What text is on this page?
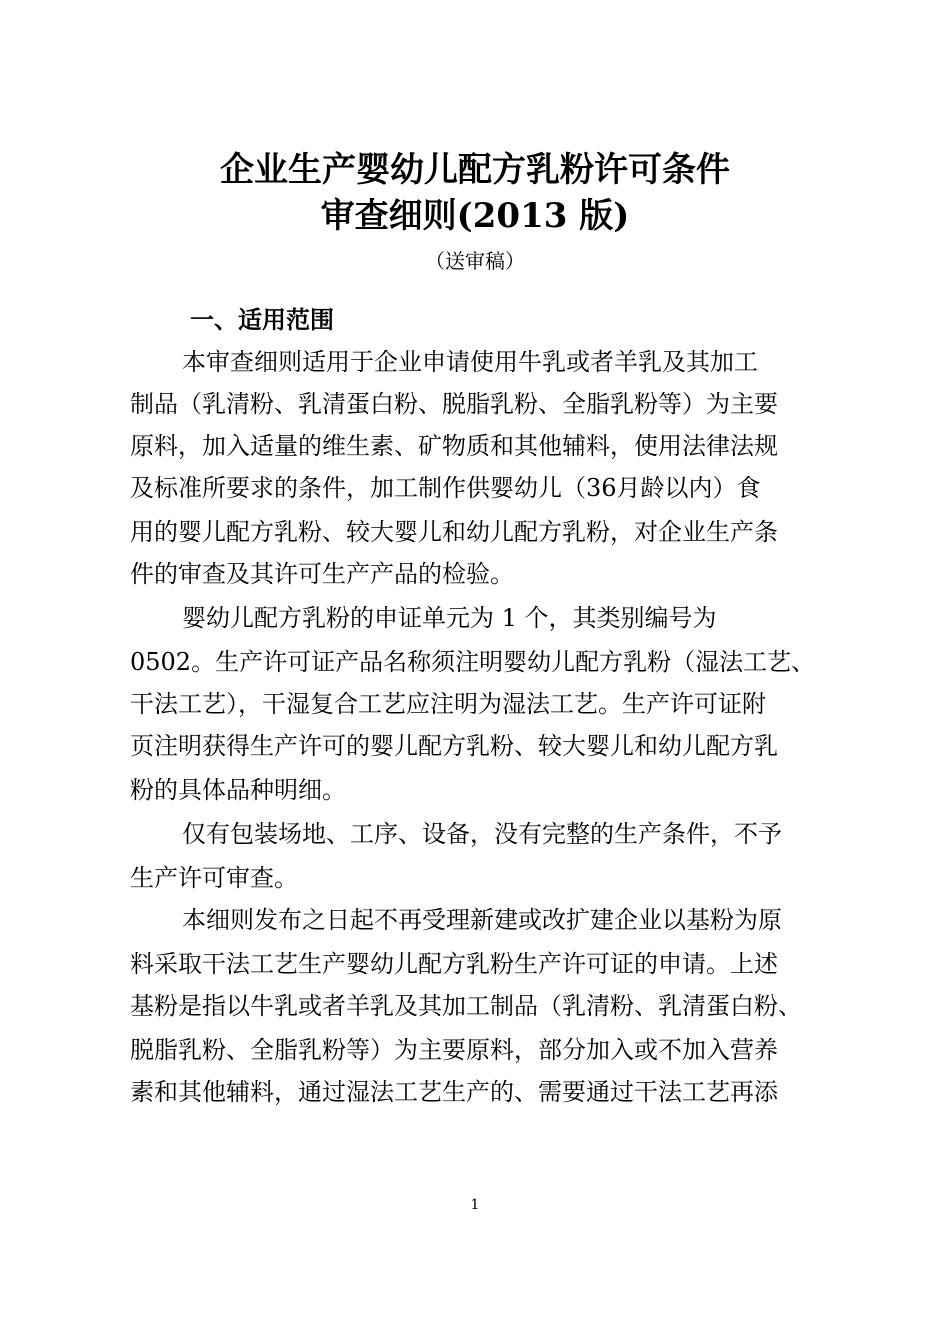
企业生产婴幼儿配方乳粉许可条件
审查细则(2013 版)
（送审稿）
一、适用范围
本审查细则适用于企业申请使用牛乳或者羊乳及其加工
制品（乳清粉、乳清蛋白粉、脱脂乳粉、全脂乳粉等）为主要
原料，加入适量的维生素、矿物质和其他辅料，使用法律法规
及标准所要求的条件，加工制作供婴幼儿（36月龄以内）食
用的婴儿配方乳粉、较大婴儿和幼儿配方乳粉，对企业生产条
件的审查及其许可生产产品的检验。
婴幼儿配方乳粉的申证单元为 1 个，其类别编号为
0502。生产许可证产品名称须注明婴幼儿配方乳粉（湿法工艺、
干法工艺），干湿复合工艺应注明为湿法工艺。生产许可证附
页注明获得生产许可的婴儿配方乳粉、较大婴儿和幼儿配方乳
粉的具体品种明细。
仅有包装场地、工序、设备，没有完整的生产条件，不予
生产许可审查。
本细则发布之日起不再受理新建或改扩建企业以基粉为原
料采取干法工艺生产婴幼儿配方乳粉生产许可证的申请。上述
基粉是指以牛乳或者羊乳及其加工制品（乳清粉、乳清蛋白粉、
脱脂乳粉、全脂乳粉等）为主要原料，部分加入或不加入营养
素和其他辅料，通过湿法工艺生产的、需要通过干法工艺再添
1
